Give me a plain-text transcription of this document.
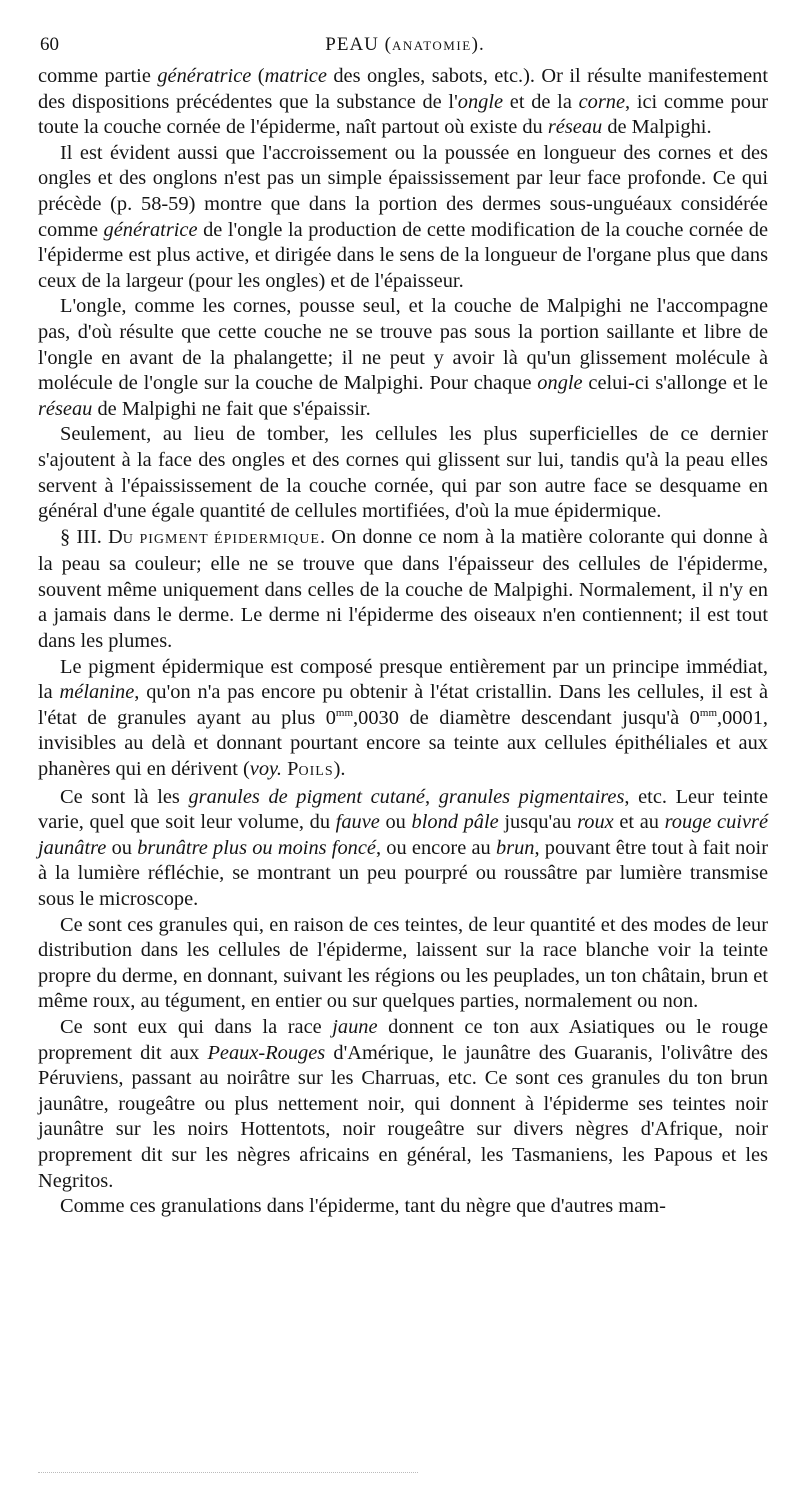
60	PEAU (ANATOMIE).

comme partie génératrice (matrice des ongles, sabots, etc.). Or il résulte manifestement des dispositions précédentes que la substance de l'ongle et de la corne, ici comme pour toute la couche cornée de l'épiderme, naît partout où existe du réseau de Malpighi.

Il est évident aussi que l'accroissement ou la poussée en longueur des cornes et des ongles et des onglons n'est pas un simple épaississement par leur face profonde. Ce qui précède (p. 58-59) montre que dans la portion des dermes sous-unguéaux considérée comme génératrice de l'ongle la production de cette modification de la couche cornée de l'épiderme est plus active, et dirigée dans le sens de la longueur de l'organe plus que dans ceux de la largeur (pour les ongles) et de l'épaisseur.

L'ongle, comme les cornes, pousse seul, et la couche de Malpighi ne l'accompagne pas, d'où résulte que cette couche ne se trouve pas sous la portion saillante et libre de l'ongle en avant de la phalangette; il ne peut y avoir là qu'un glissement molécule à molécule de l'ongle sur la couche de Malpighi. Pour chaque ongle celui-ci s'allonge et le réseau de Malpighi ne fait que s'épaissir.

Seulement, au lieu de tomber, les cellules les plus superficielles de ce dernier s'ajoutent à la face des ongles et des cornes qui glissent sur lui, tandis qu'à la peau elles servent à l'épaississement de la couche cornée, qui par son autre face se desquame en général d'une égale quantité de cellules mortifiées, d'où la mue épidermique.

§ III. DU PIGMENT ÉPIDERMIQUE. On donne ce nom à la matière colorante qui donne à la peau sa couleur; elle ne se trouve que dans l'épaisseur des cellules de l'épiderme, souvent même uniquement dans celles de la couche de Malpighi. Normalement, il n'y en a jamais dans le derme. Le derme ni l'épiderme des oiseaux n'en contiennent; il est tout dans les plumes.

Le pigment épidermique est composé presque entièrement par un principe immédiat, la mélanine, qu'on n'a pas encore pu obtenir à l'état cristallin. Dans les cellules, il est à l'état de granules ayant au plus $0^{mm},0030$ de diamètre descendant jusqu'à $0^{mm},0001$, invisibles au delà et donnant pourtant encore sa teinte aux cellules épithéliales et aux phanères qui en dérivent (voy. POILS).

Ce sont là les granules de pigment cutané, granules pigmentaires, etc. Leur teinte varie, quel que soit leur volume, du fauve ou blond pâle jusqu'au roux et au rouge cuivré jaunâtre ou brunâtre plus ou moins foncé, ou encore au brun, pouvant être tout à fait noir à la lumière réfléchie, se montrant un peu pourpré ou roussâtre par lumière transmise sous le microscope.

Ce sont ces granules qui, en raison de ces teintes, de leur quantité et des modes de leur distribution dans les cellules de l'épiderme, laissent sur la race blanche voir la teinte propre du derme, en donnant, suivant les régions ou les peuplades, un ton châtain, brun et même roux, au tégument, en entier ou sur quelques parties, normalement ou non.

Ce sont eux qui dans la race jaune donnent ce ton aux Asiatiques ou le rouge proprement dit aux Peaux-Rouges d'Amérique, le jaunâtre des Guaranis, l'olivâtre des Péruviens, passant au noirâtre sur les Charruas, etc. Ce sont ces granules du ton brun jaunâtre, rougeâtre ou plus nettement noir, qui donnent à l'épiderme ses teintes noir jaunâtre sur les noirs Hottentots, noir rougeâtre sur divers nègres d'Afrique, noir proprement dit sur les nègres africains en général, les Tasmaniens, les Papous et les Negritos.

Comme ces granulations dans l'épiderme, tant du nègre que d'autres mam-
